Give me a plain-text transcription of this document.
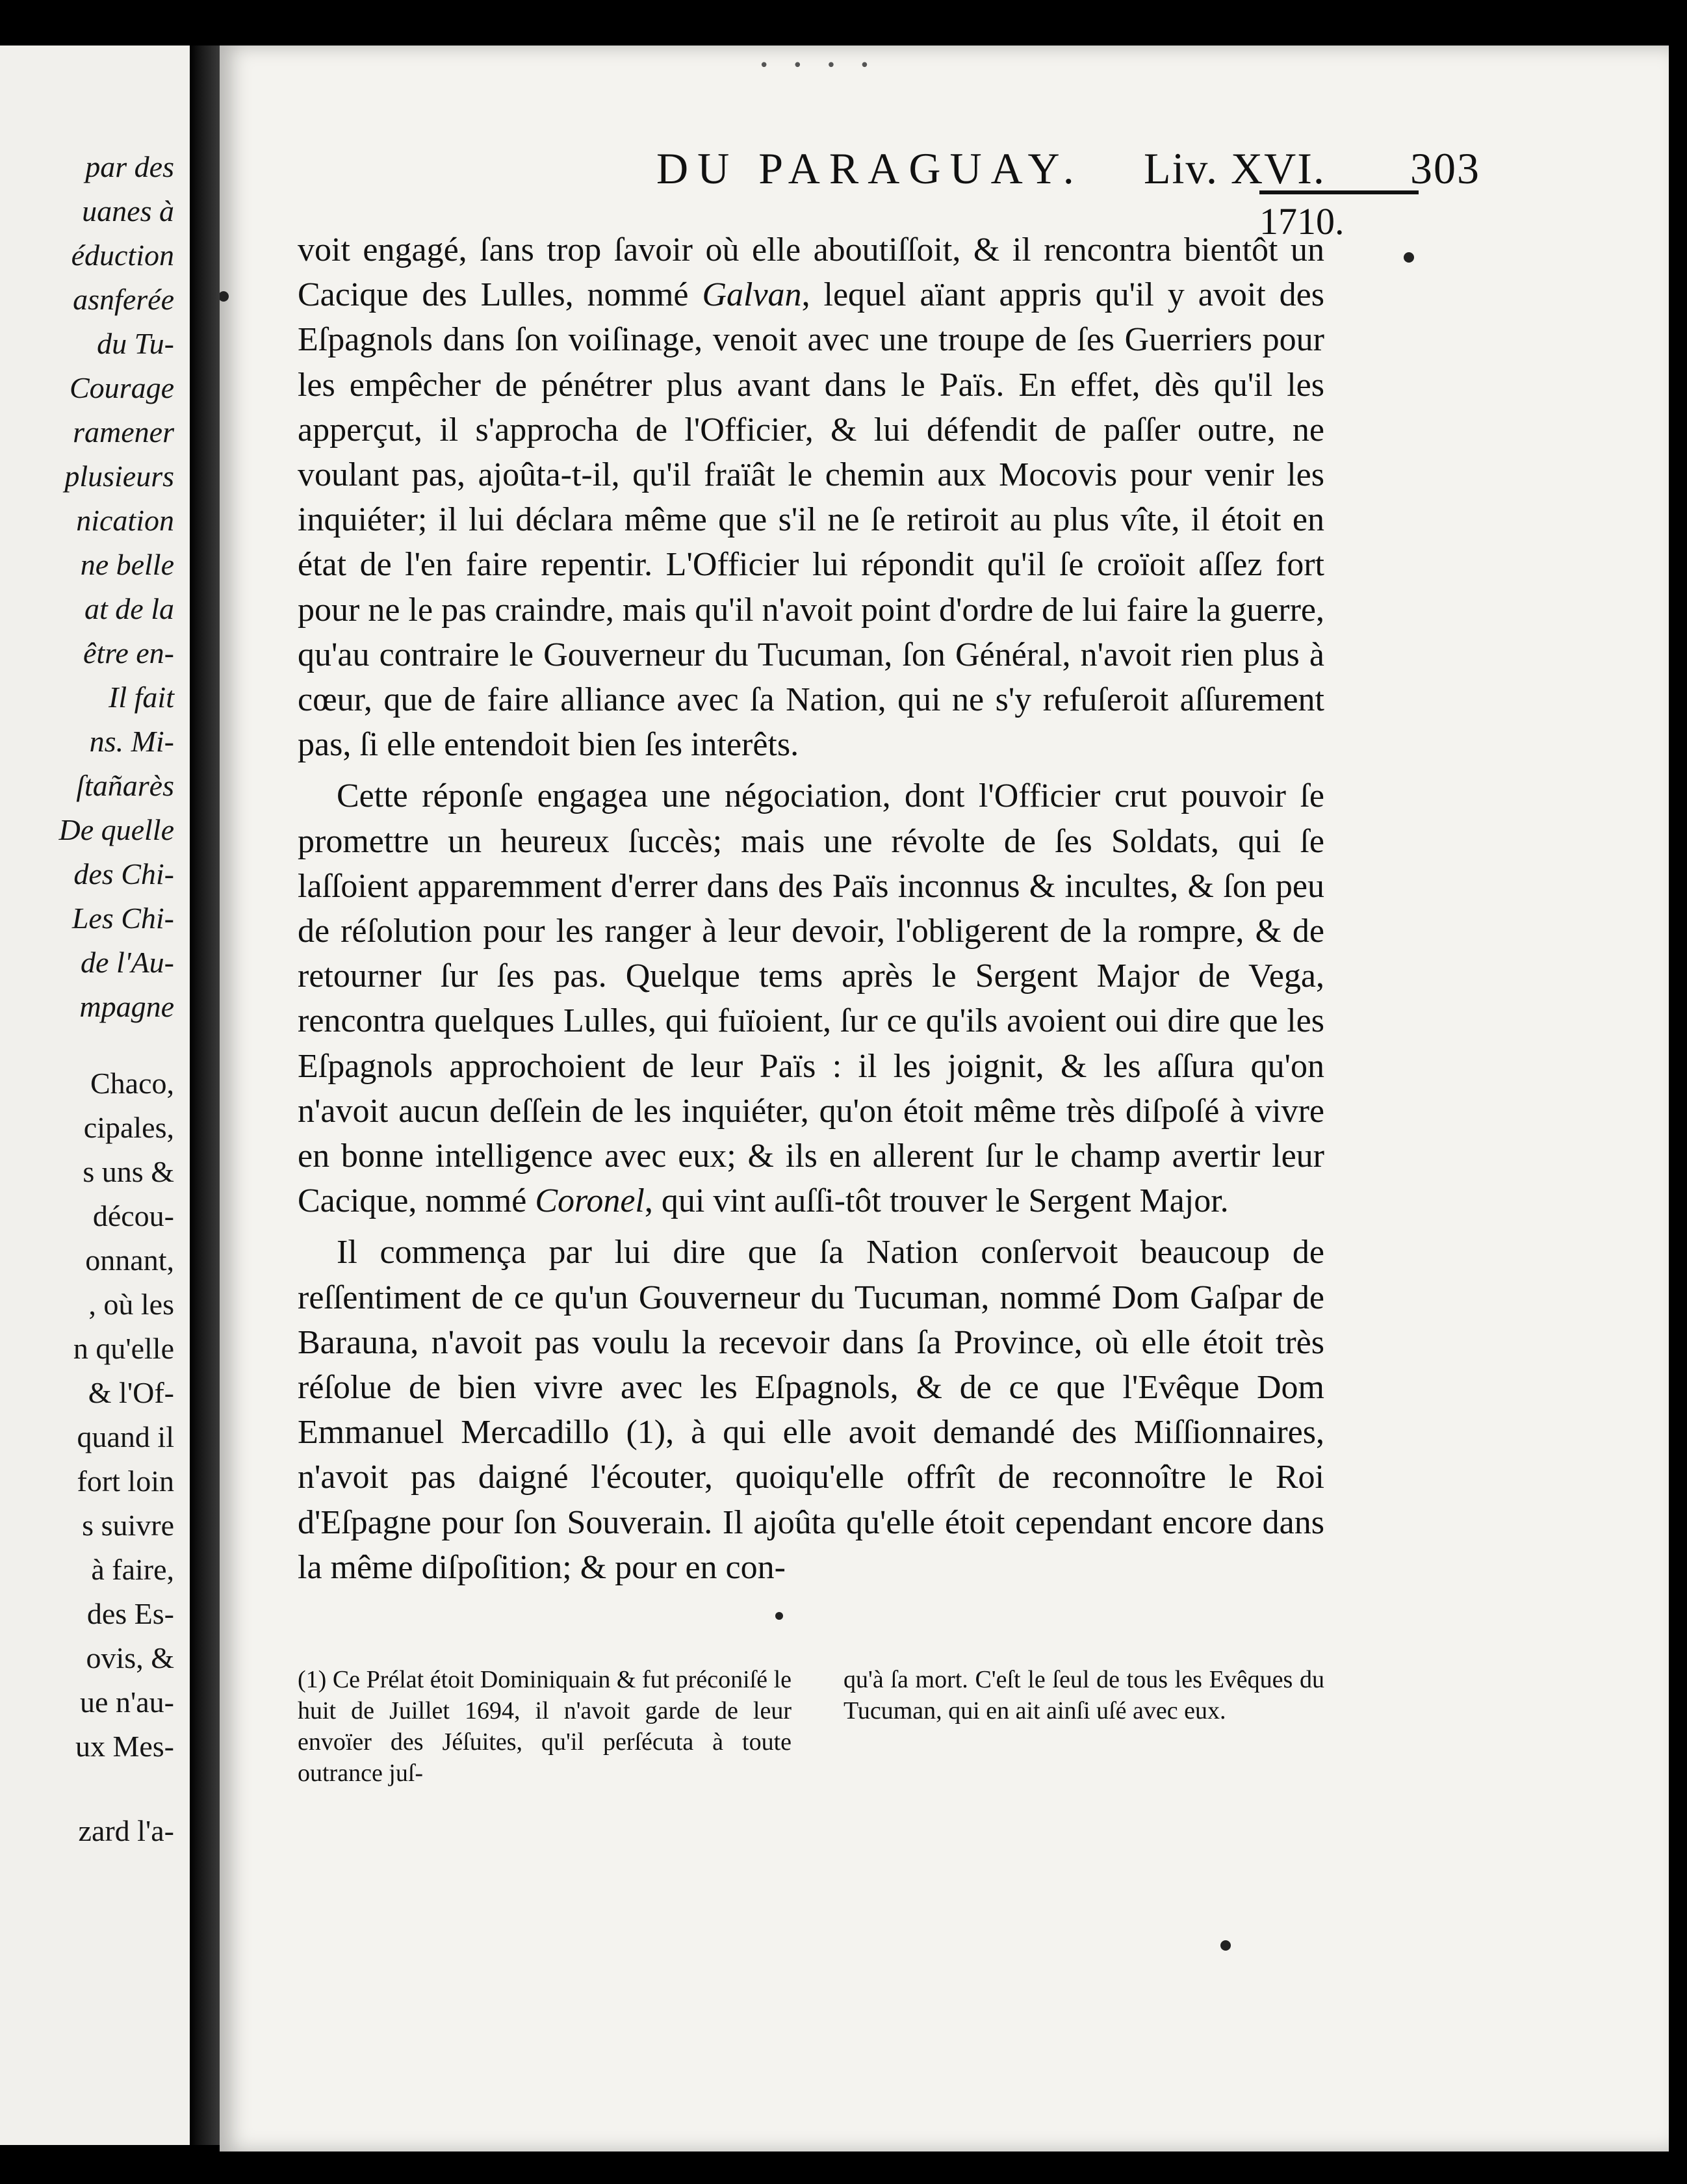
par des
uanes à
éduction
asnferée
du Tu-
Courage
ramener
plusieurs
nication
ne belle
at de la
être en-
Il fait
ns. Mi-
ſtañarès
De quelle
des Chi-
Les Chi-
de l'Au-
mpagne
Chaco,
cipales,
s uns &
décou-
onnant,
, où les
n qu'elle
& l'Of-
quand il
fort loin
s suivre
à faire,
des Es-
ovis, &
ue n'au-
ux Mes-
zard l'a-
• • • •
DU PARAGUAY. Liv. XVI. 303
1710.

voit engagé, ſans trop ſavoir où elle aboutiſſoit, & il rencontra bientôt un Cacique des Lulles, nommé Galvan, lequel aïant appris qu'il y avoit des Eſpagnols dans ſon voiſinage, venoit avec une troupe de ſes Guerriers pour les empêcher de pénétrer plus avant dans le Païs. En effet, dès qu'il les apperçut, il s'approcha de l'Officier, & lui défendit de paſſer outre, ne voulant pas, ajoûta-t-il, qu'il fraïât le chemin aux Mocovis pour venir les inquiéter; il lui déclara même que s'il ne ſe retiroit au plus vîte, il étoit en état de l'en faire repentir. L'Officier lui répondit qu'il ſe croïoit aſſez fort pour ne le pas craindre, mais qu'il n'avoit point d'ordre de lui faire la guerre, qu'au contraire le Gouverneur du Tucuman, ſon Général, n'avoit rien plus à cœur, que de faire alliance avec ſa Nation, qui ne s'y refuſeroit aſſurement pas, ſi elle entendoit bien ſes interêts.

Cette réponſe engagea une négociation, dont l'Officier crut pouvoir ſe promettre un heureux ſuccès; mais une révolte de ſes Soldats, qui ſe laſſoient apparemment d'errer dans des Païs inconnus & incultes, & ſon peu de réſolution pour les ranger à leur devoir, l'obligerent de la rompre, & de retourner ſur ſes pas. Quelque tems après le Sergent Major de Vega, rencontra quelques Lulles, qui fuïoient, ſur ce qu'ils avoient oui dire que les Eſpagnols approchoient de leur Païs : il les joignit, & les aſſura qu'on n'avoit aucun deſſein de les inquiéter, qu'on étoit même très diſpoſé à vivre en bonne intelligence avec eux; & ils en allerent ſur le champ avertir leur Cacique, nommé Coronel, qui vint auſſi-tôt trouver le Sergent Major.

Il commença par lui dire que ſa Nation conſervoit beaucoup de reſſentiment de ce qu'un Gouverneur du Tucuman, nommé Dom Gaſpar de Barauna, n'avoit pas voulu la recevoir dans ſa Province, où elle étoit très réſolue de bien vivre avec les Eſpagnols, & de ce que l'Evêque Dom Emmanuel Mercadillo (1), à qui elle avoit demandé des Miſſionnaires, n'avoit pas daigné l'écouter, quoiqu'elle offrît de reconnoître le Roi d'Eſpagne pour ſon Souverain. Il ajoûta qu'elle étoit cependant encore dans la même diſpoſition; & pour en con-

(1) Ce Prélat étoit Dominiquain & fut préconiſé le huit de Juillet 1694, il n'avoit garde de leur envoïer des Jéſuites, qu'il perſécuta à toute outrance juſ-
qu'à ſa mort. C'eſt le ſeul de tous les Evêques du Tucuman, qui en ait ainſi uſé avec eux.
